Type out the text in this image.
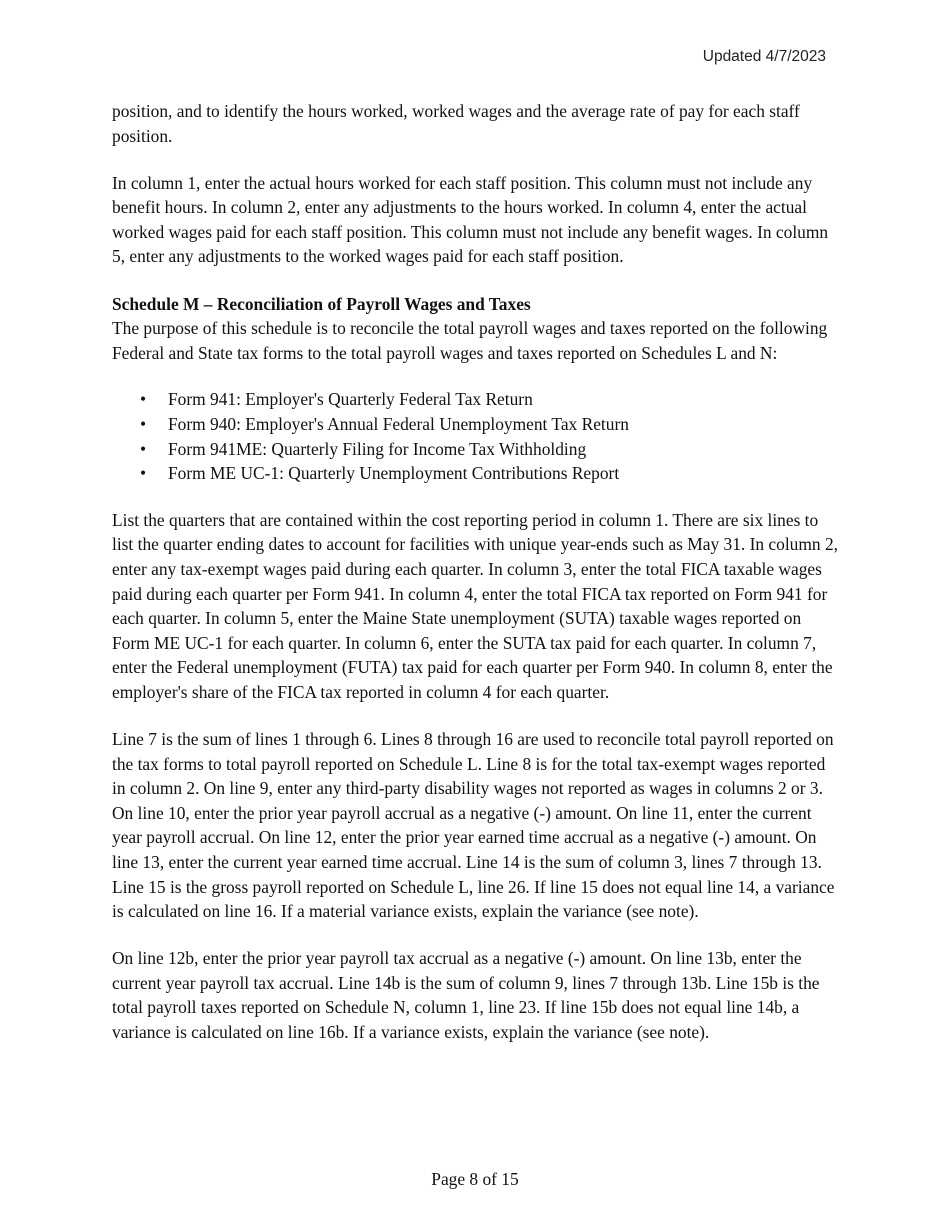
Updated 4/7/2023

position, and to identify the hours worked, worked wages and the average rate of pay for each staff position.

In column 1, enter the actual hours worked for each staff position. This column must not include any benefit hours. In column 2, enter any adjustments to the hours worked. In column 4, enter the actual worked wages paid for each staff position. This column must not include any benefit wages. In column 5, enter any adjustments to the worked wages paid for each staff position.

Schedule M – Reconciliation of Payroll Wages and Taxes

The purpose of this schedule is to reconcile the total payroll wages and taxes reported on the following Federal and State tax forms to the total payroll wages and taxes reported on Schedules L and N:

• Form 941: Employer's Quarterly Federal Tax Return
• Form 940: Employer's Annual Federal Unemployment Tax Return
• Form 941ME: Quarterly Filing for Income Tax Withholding
• Form ME UC-1: Quarterly Unemployment Contributions Report

List the quarters that are contained within the cost reporting period in column 1. There are six lines to list the quarter ending dates to account for facilities with unique year-ends such as May 31. In column 2, enter any tax-exempt wages paid during each quarter. In column 3, enter the total FICA taxable wages paid during each quarter per Form 941. In column 4, enter the total FICA tax reported on Form 941 for each quarter. In column 5, enter the Maine State unemployment (SUTA) taxable wages reported on Form ME UC-1 for each quarter. In column 6, enter the SUTA tax paid for each quarter. In column 7, enter the Federal unemployment (FUTA) tax paid for each quarter per Form 940. In column 8, enter the employer's share of the FICA tax reported in column 4 for each quarter.

Line 7 is the sum of lines 1 through 6. Lines 8 through 16 are used to reconcile total payroll reported on the tax forms to total payroll reported on Schedule L. Line 8 is for the total tax-exempt wages reported in column 2. On line 9, enter any third-party disability wages not reported as wages in columns 2 or 3. On line 10, enter the prior year payroll accrual as a negative (-) amount. On line 11, enter the current year payroll accrual. On line 12, enter the prior year earned time accrual as a negative (-) amount. On line 13, enter the current year earned time accrual. Line 14 is the sum of column 3, lines 7 through 13. Line 15 is the gross payroll reported on Schedule L, line 26. If line 15 does not equal line 14, a variance is calculated on line 16. If a material variance exists, explain the variance (see note).

On line 12b, enter the prior year payroll tax accrual as a negative (-) amount. On line 13b, enter the current year payroll tax accrual. Line 14b is the sum of column 9, lines 7 through 13b. Line 15b is the total payroll taxes reported on Schedule N, column 1, line 23. If line 15b does not equal line 14b, a variance is calculated on line 16b. If a variance exists, explain the variance (see note).

Page 8 of 15
